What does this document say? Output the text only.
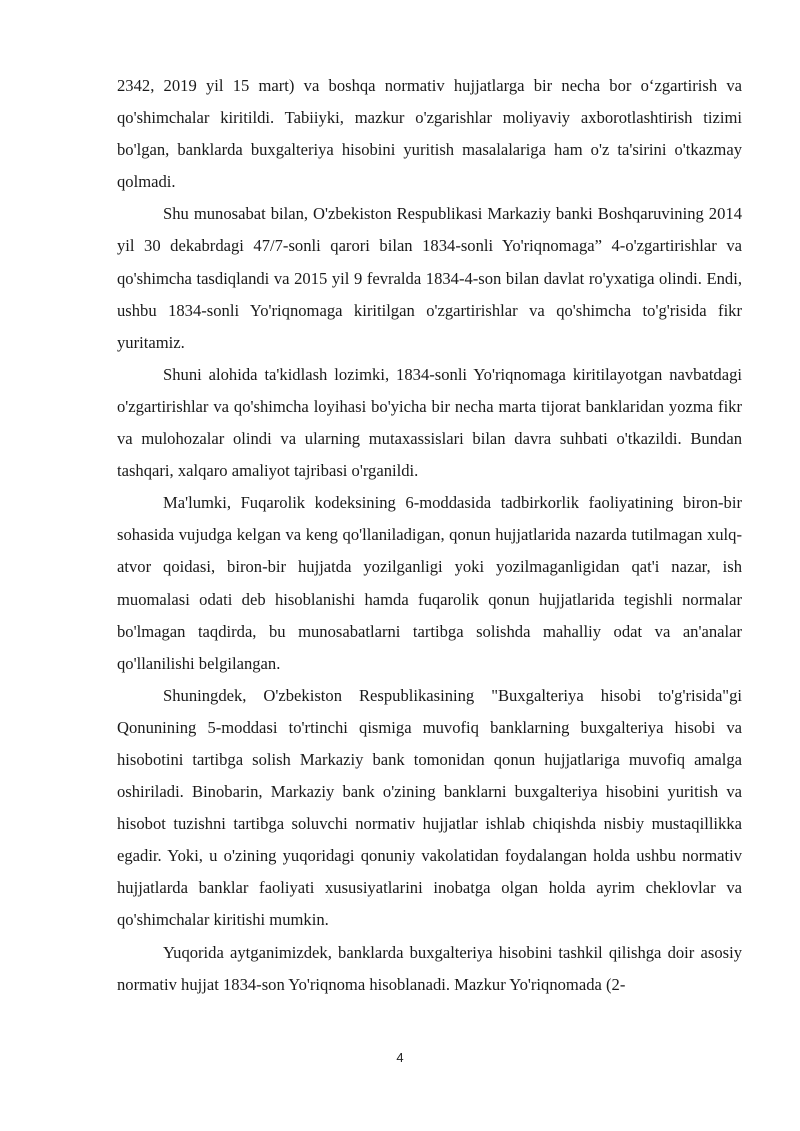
2342, 2019 yil 15 mart) va boshqa normativ hujjatlarga bir necha bor o‘zgartirish va qo'shimchalar kiritildi. Tabiiyki, mazkur o'zgarishlar moliyaviy axborotlashtirish tizimi bo'lgan, banklarda buxgalteriya hisobini yuritish masalalariga ham o'z ta'sirini o'tkazmay qolmadi.

Shu munosabat bilan, O'zbekiston Respublikasi Markaziy banki Boshqaruvining 2014 yil 30 dekabrdagi 47/7-sonli qarori bilan 1834-sonli Yo'riqnomaga” 4-o'zgartirishlar va qo'shimcha tasdiqlandi va 2015 yil 9 fevralda 1834-4-son bilan davlat ro'yxatiga olindi. Endi, ushbu 1834-sonli Yo'riqnomaga kiritilgan o'zgartirishlar va qo'shimcha to'g'risida fikr yuritamiz.

Shuni alohida ta'kidlash lozimki, 1834-sonli Yo'riqnomaga kiritilayotgan navbatdagi o'zgartirishlar va qo'shimcha loyihasi bo'yicha bir necha marta tijorat banklaridan yozma fikr va mulohozalar olindi va ularning mutaxassislari bilan davra suhbati o'tkazildi. Bundan tashqari, xalqaro amaliyot tajribasi o'rganildi.

Ma'lumki, Fuqarolik kodeksining 6-moddasida tadbirkorlik faoliyatining biron-bir sohasida vujudga kelgan va keng qo'llaniladigan, qonun hujjatlarida nazarda tutilmagan xulq-atvor qoidasi, biron-bir hujjatda yozilganligi yoki yozilmaganligidan qat'i nazar, ish muomalasi odati deb hisoblanishi hamda fuqarolik qonun hujjatlarida tegishli normalar bo'lmagan taqdirda, bu munosabatlarni tartibga solishda mahalliy odat va an'analar qo'llanilishi belgilangan.

Shuningdek, O'zbekiston Respublikasining "Buxgalteriya hisobi to'g'risida"gi Qonunining 5-moddasi to'rtinchi qismiga muvofiq banklarning buxgalteriya hisobi va hisobotini tartibga solish Markaziy bank tomonidan qonun hujjatlariga muvofiq amalga oshiriladi. Binobarin, Markaziy bank o'zining banklarni buxgalteriya hisobini yuritish va hisobot tuzishni tartibga soluvchi normativ hujjatlar ishlab chiqishda nisbiy mustaqillikka egadir. Yoki, u o'zining yuqoridagi qonuniy vakolatidan foydalangan holda ushbu normativ hujjatlarda banklar faoliyati xususiyatlarini inobatga olgan holda ayrim cheklovlar va qo'shimchalar kiritishi mumkin.

Yuqorida aytganimizdek, banklarda buxgalteriya hisobini tashkil qilishga doir asosiy normativ hujjat 1834-son Yo'riqnoma hisoblanadi. Mazkur Yo'riqnomada (2-

4
